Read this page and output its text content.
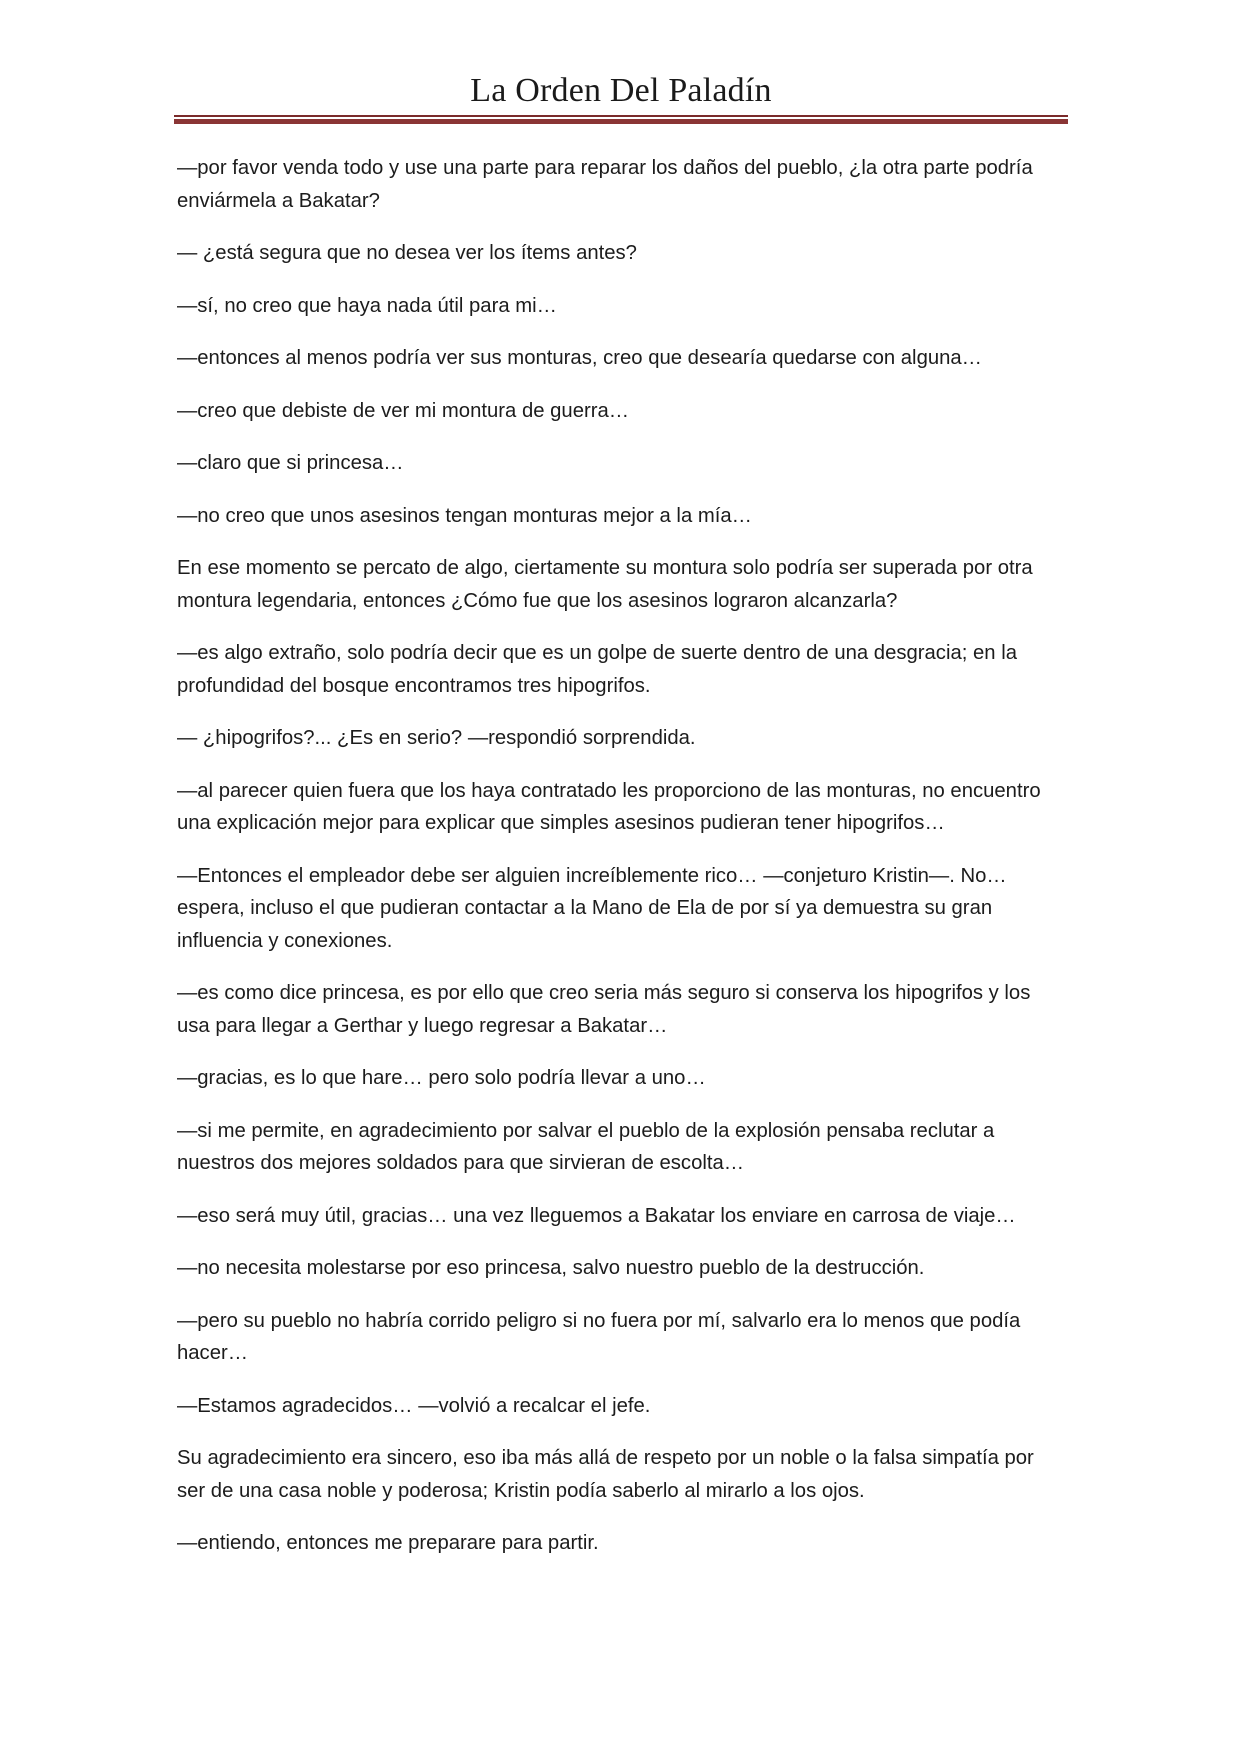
La Orden Del Paladín

—por favor venda todo y use una parte para reparar los daños del pueblo, ¿la otra parte podría enviármela a Bakatar?

— ¿está segura que no desea ver los ítems antes?

—sí, no creo que haya nada útil para mi…

—entonces al menos podría ver sus monturas, creo que desearía quedarse con alguna…

—creo que debiste de ver mi montura de guerra…

—claro que si princesa…

—no creo que unos asesinos tengan monturas mejor a la mía…

En ese momento se percato de algo, ciertamente su montura solo podría ser superada por otra montura legendaria, entonces ¿Cómo fue que los asesinos lograron alcanzarla?

—es algo extraño, solo podría decir que es un golpe de suerte dentro de una desgracia; en la profundidad del bosque encontramos tres hipogrifos.

— ¿hipogrifos?... ¿Es en serio? —respondió sorprendida.

—al parecer quien fuera que los haya contratado les proporciono de las monturas, no encuentro una explicación mejor para explicar que simples asesinos pudieran tener hipogrifos…

—Entonces el empleador debe ser alguien increíblemente rico… —conjeturo Kristin—. No… espera, incluso el que pudieran contactar a la Mano de Ela de por sí ya demuestra su gran influencia y conexiones.

—es como dice princesa, es por ello que creo seria más seguro si conserva los hipogrifos y los usa para llegar a Gerthar y luego regresar a Bakatar…

—gracias, es lo que hare… pero solo podría llevar a uno…

—si me permite, en agradecimiento por salvar el pueblo de la explosión pensaba reclutar a nuestros dos mejores soldados para que sirvieran de escolta…

—eso será muy útil, gracias… una vez lleguemos a Bakatar los enviare en carrosa de viaje…

—no necesita molestarse por eso princesa, salvo nuestro pueblo de la destrucción.

—pero su pueblo no habría corrido peligro si no fuera por mí, salvarlo era lo menos que podía hacer…

—Estamos agradecidos… —volvió a recalcar el jefe.

Su agradecimiento era sincero, eso iba más allá de respeto por un noble o la falsa simpatía por ser de una casa noble y poderosa; Kristin podía saberlo al mirarlo a los ojos.

—entiendo, entonces me preparare para partir.
